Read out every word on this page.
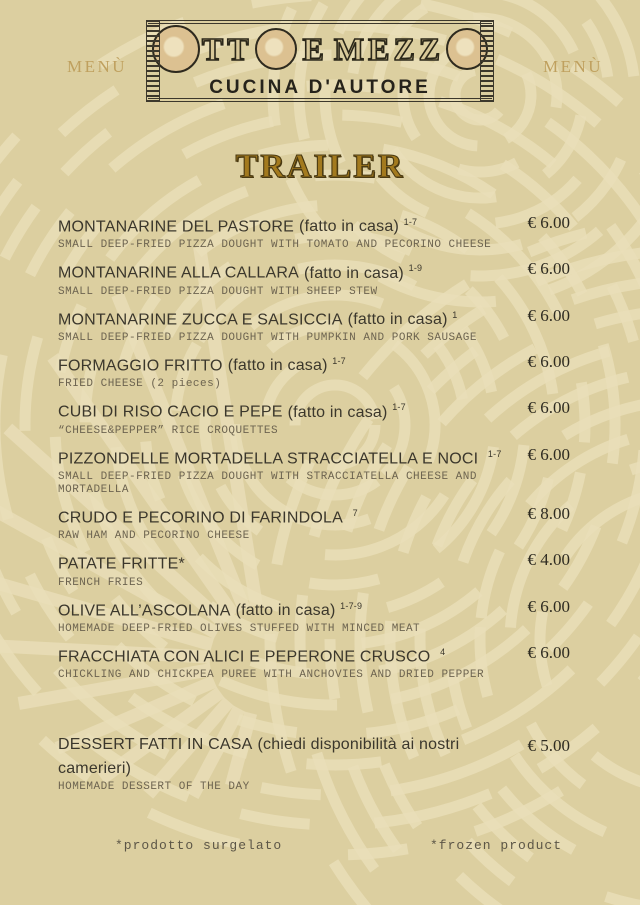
MENÙ	MENÙ
TT E MEZZ
CUCINA D'AUTORE
TRAILER
MONTANARINE DEL PASTORE (fatto in casa) $^{1-7}$
SMALL DEEP-FRIED PIZZA DOUGHT WITH TOMATO AND PECORINO CHEESE
€ 6.00
MONTANARINE ALLA CALLARA (fatto in casa) $^{1-9}$
SMALL DEEP-FRIED PIZZA DOUGHT WITH SHEEP STEW
€ 6.00
MONTANARINE ZUCCA E SALSICCIA (fatto in casa) $^1$
SMALL DEEP-FRIED PIZZA DOUGHT WITH PUMPKIN AND PORK SAUSAGE
€ 6.00
FORMAGGIO FRITTO (fatto in casa) $^{1-7}$
FRIED CHEESE (2 pieces)
€ 6.00
CUBI DI RISO CACIO E PEPE (fatto in casa) $^{1-7}$
“CHEESE&PEPPER” RICE CROQUETTES
€ 6.00
PIZZONDELLE MORTADELLA STRACCIATELLA E NOCI $^{1-7}$
SMALL DEEP-FRIED PIZZA DOUGHT WITH STRACCIATELLA CHEESE AND MORTADELLA
€ 6.00
CRUDO E PECORINO DI FARINDOLA $^7$
RAW HAM AND PECORINO CHEESE
€ 8.00
PATATE FRITTE*
FRENCH FRIES
€ 4.00
OLIVE ALL’ASCOLANA (fatto in casa) $^{1-7-9}$
HOMEMADE DEEP-FRIED OLIVES STUFFED WITH MINCED MEAT
€ 6.00
FRACCHIATA CON ALICI E PEPERONE CRUSCO $^4$
CHICKLING AND CHICKPEA PUREE WITH ANCHOVIES AND DRIED PEPPER
€ 6.00
DESSERT FATTI IN CASA (chiedi disponibilità ai nostri camerieri)
HOMEMADE DESSERT OF THE DAY
€ 5.00
*prodotto surgelato	*frozen product
